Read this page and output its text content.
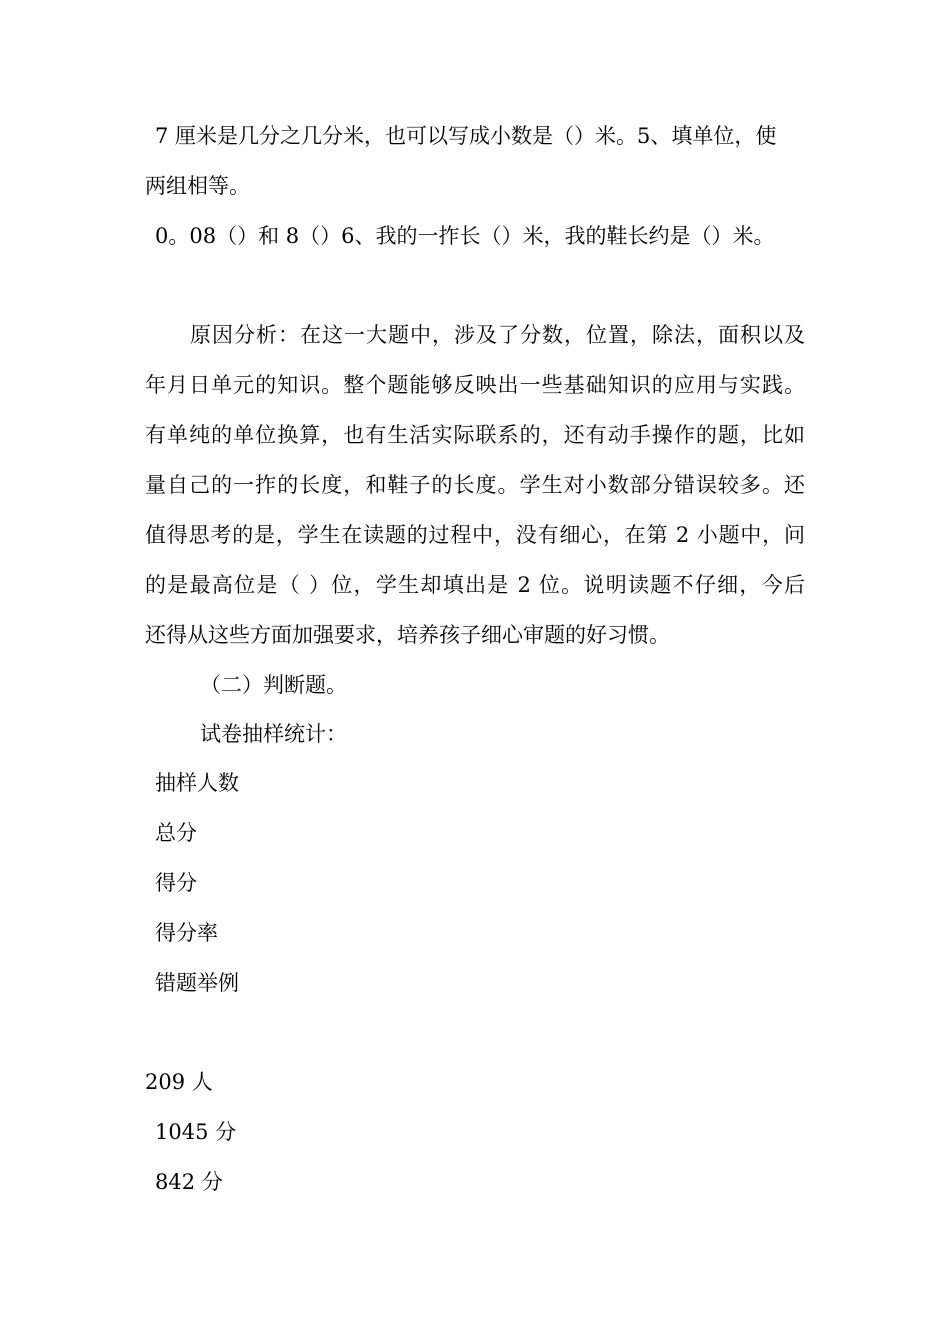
7 厘米是几分之几分米，也可以写成小数是（）米。5、填单位，使

两组相等。

0。08（）和 8（）6、我的一拃长（）米，我的鞋长约是（）米。

原因分析：在这一大题中，涉及了分数，位置，除法，面积以及

年月日单元的知识。整个题能够反映出一些基础知识的应用与实践。

有单纯的单位换算，也有生活实际联系的，还有动手操作的题，比如

量自己的一拃的长度，和鞋子的长度。学生对小数部分错误较多。还

值得思考的是，学生在读题的过程中，没有细心，在第 2 小题中，问

的是最高位是（ ）位，学生却填出是 2 位。说明读题不仔细，今后

还得从这些方面加强要求，培养孩子细心审题的好习惯。

（二）判断题。

试卷抽样统计：

抽样人数

总分

得分

得分率

错题举例

209 人

1045 分

842 分
